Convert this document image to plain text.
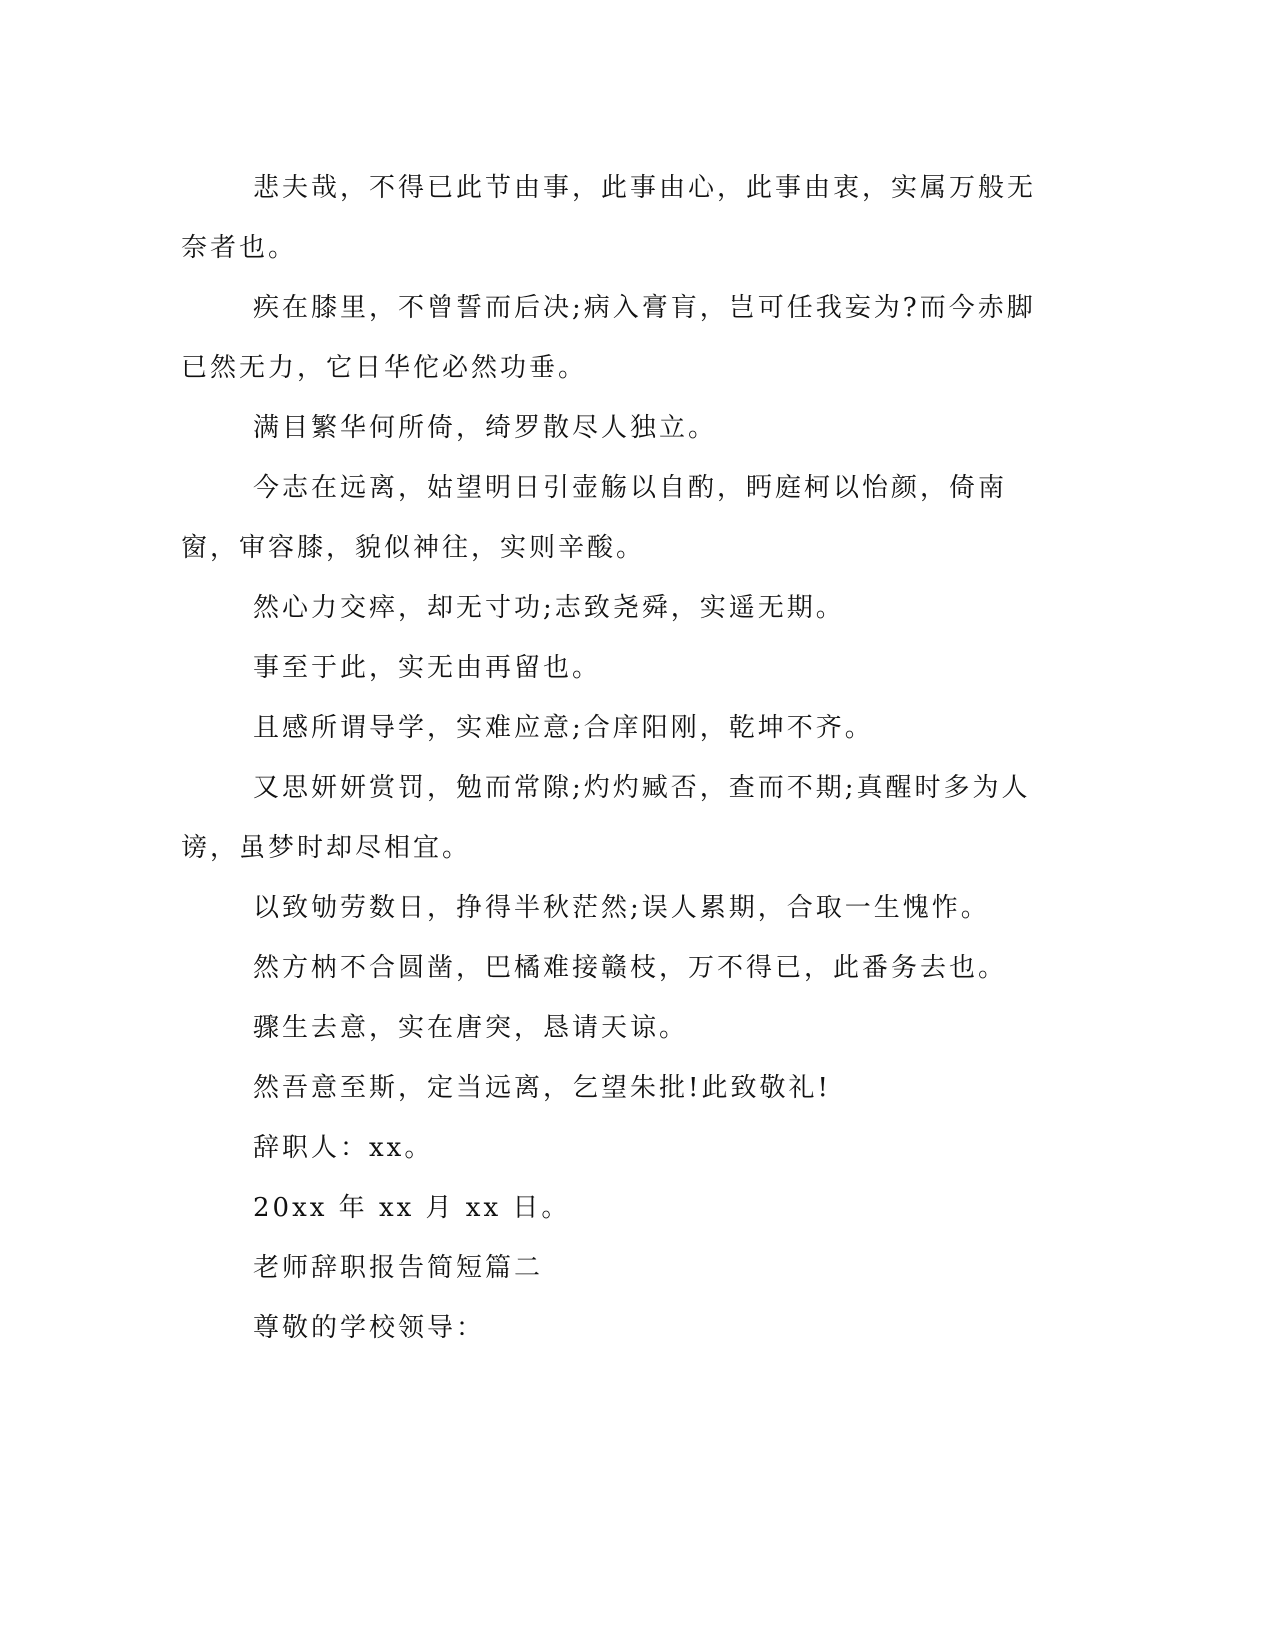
悲夫哉，不得已此节由事，此事由心，此事由衷，实属万般无奈者也。

疾在膝里，不曾誓而后决;病入膏肓，岂可任我妄为?而今赤脚已然无力，它日华佗必然功垂。

满目繁华何所倚，绮罗散尽人独立。

今志在远离，姑望明日引壶觞以自酌，眄庭柯以怡颜，倚南窗，审容膝，貌似神往，实则辛酸。

然心力交瘁，却无寸功;志致尧舜，实遥无期。

事至于此，实无由再留也。

且感所谓导学，实难应意;合庠阳刚，乾坤不齐。

又思妍妍赏罚，勉而常隙;灼灼臧否，查而不期;真醒时多为人谤，虽梦时却尽相宜。

以致劬劳数日，挣得半秋茫然;误人累期，合取一生愧怍。

然方枘不合圆凿，巴橘难接赣枝，万不得已，此番务去也。

骤生去意，实在唐突，恳请天谅。

然吾意至斯，定当远离，乞望朱批!此致敬礼!

辞职人：xx。

20xx 年 xx 月 xx 日。

老师辞职报告简短篇二

尊敬的学校领导：
